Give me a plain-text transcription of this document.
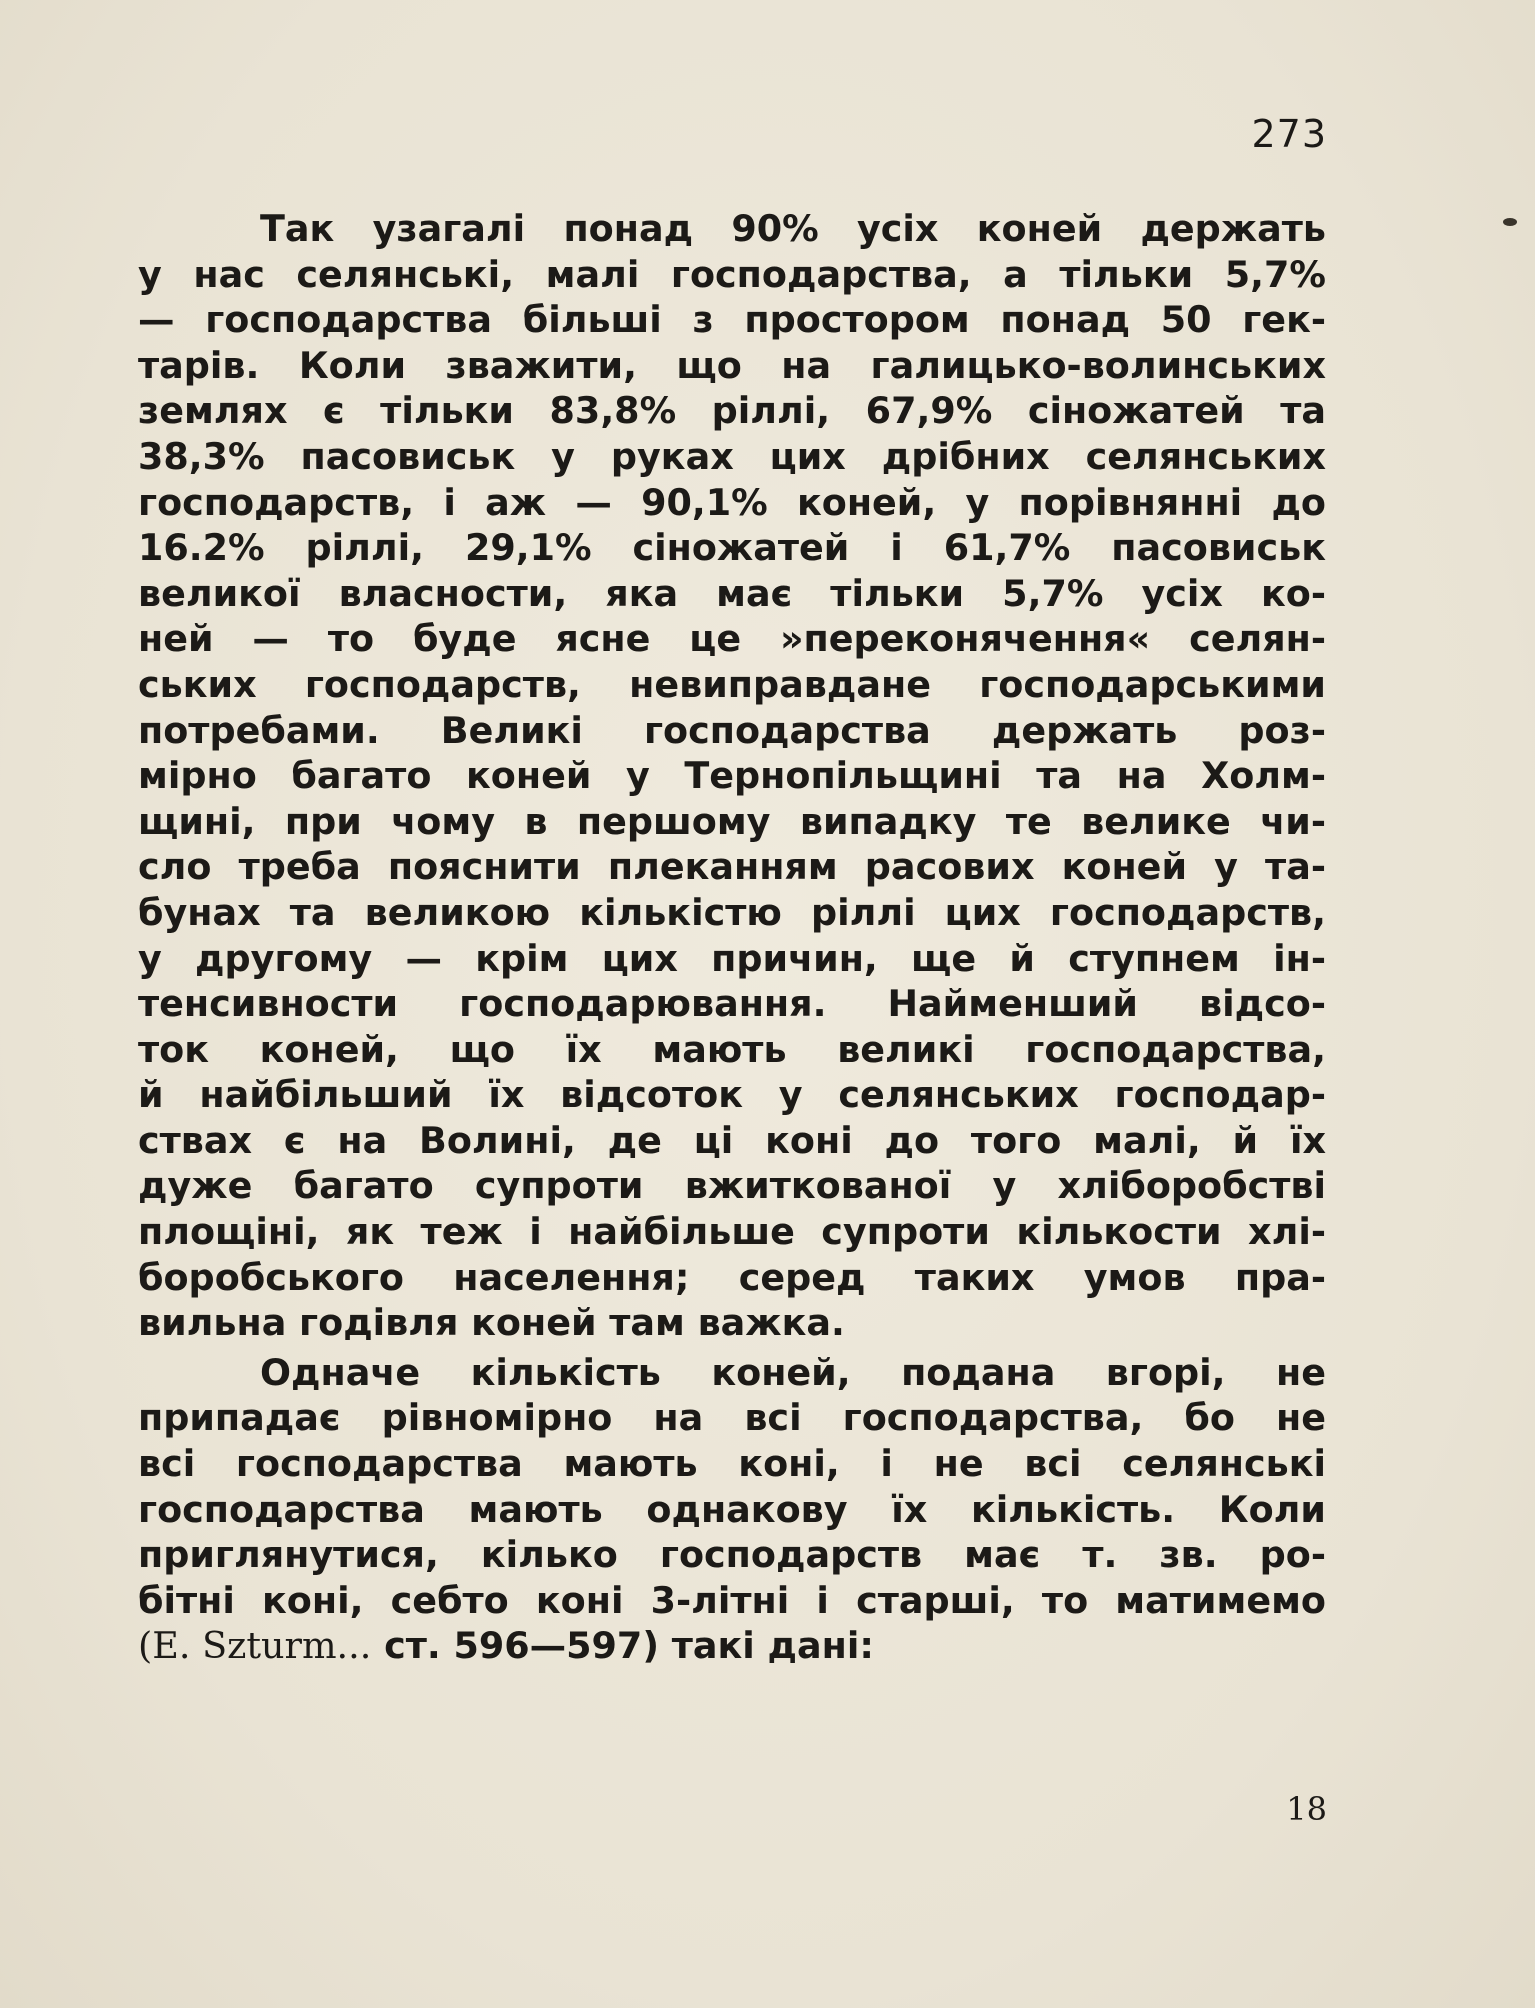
273
Так узагалі понад 90% усіх коней держать
у нас селянські, малі господарства, а тільки 5,7%
— господарства більші з простором понад 50 гек-
тарів. Коли зважити, що на галицько-волинських
землях є тільки 83,8% ріллі, 67,9% сіножатей та
38,3% пасовиськ у руках цих дрібних селянських
господарств, і аж — 90,1% коней, у порівнянні до
16.2% ріллі, 29,1% сіножатей і 61,7% пасовиськ
великої власности, яка має тільки 5,7% усіх ко-
ней — то буде ясне це »переконячення« селян-
ських господарств, невиправдане господарськими
потребами. Великі господарства держать роз-
мірно багато коней у Тернопільщині та на Холм-
щині, при чому в першому випадку те велике чи-
сло треба пояснити плеканням расових коней у та-
бунах та великою кількістю ріллі цих господарств,
у другому — крім цих причин, ще й ступнем ін-
тенсивности господарювання. Найменший відсо-
ток коней, що їх мають великі господарства,
й найбільший їх відсоток у селянських господар-
ствах є на Волині, де ці коні до того малі, й їх
дуже багато супроти вжиткованої у хліборобстві
площіні, як теж і найбільше супроти кількости хлі-
боробського населення; серед таких умов пра-
вильна годівля коней там важка.
Одначе кількість коней, подана вгорі, не
припадає рівномірно на всі господарства, бо не
всі господарства мають коні, і не всі селянські
господарства мають однакову їх кількість. Коли
приглянутися, кілько господарств має т. зв. ро-
бітні коні, себто коні 3-літні і старші, то матимемо
(E. Szturm... ст. 596—597) такі дані:
18
